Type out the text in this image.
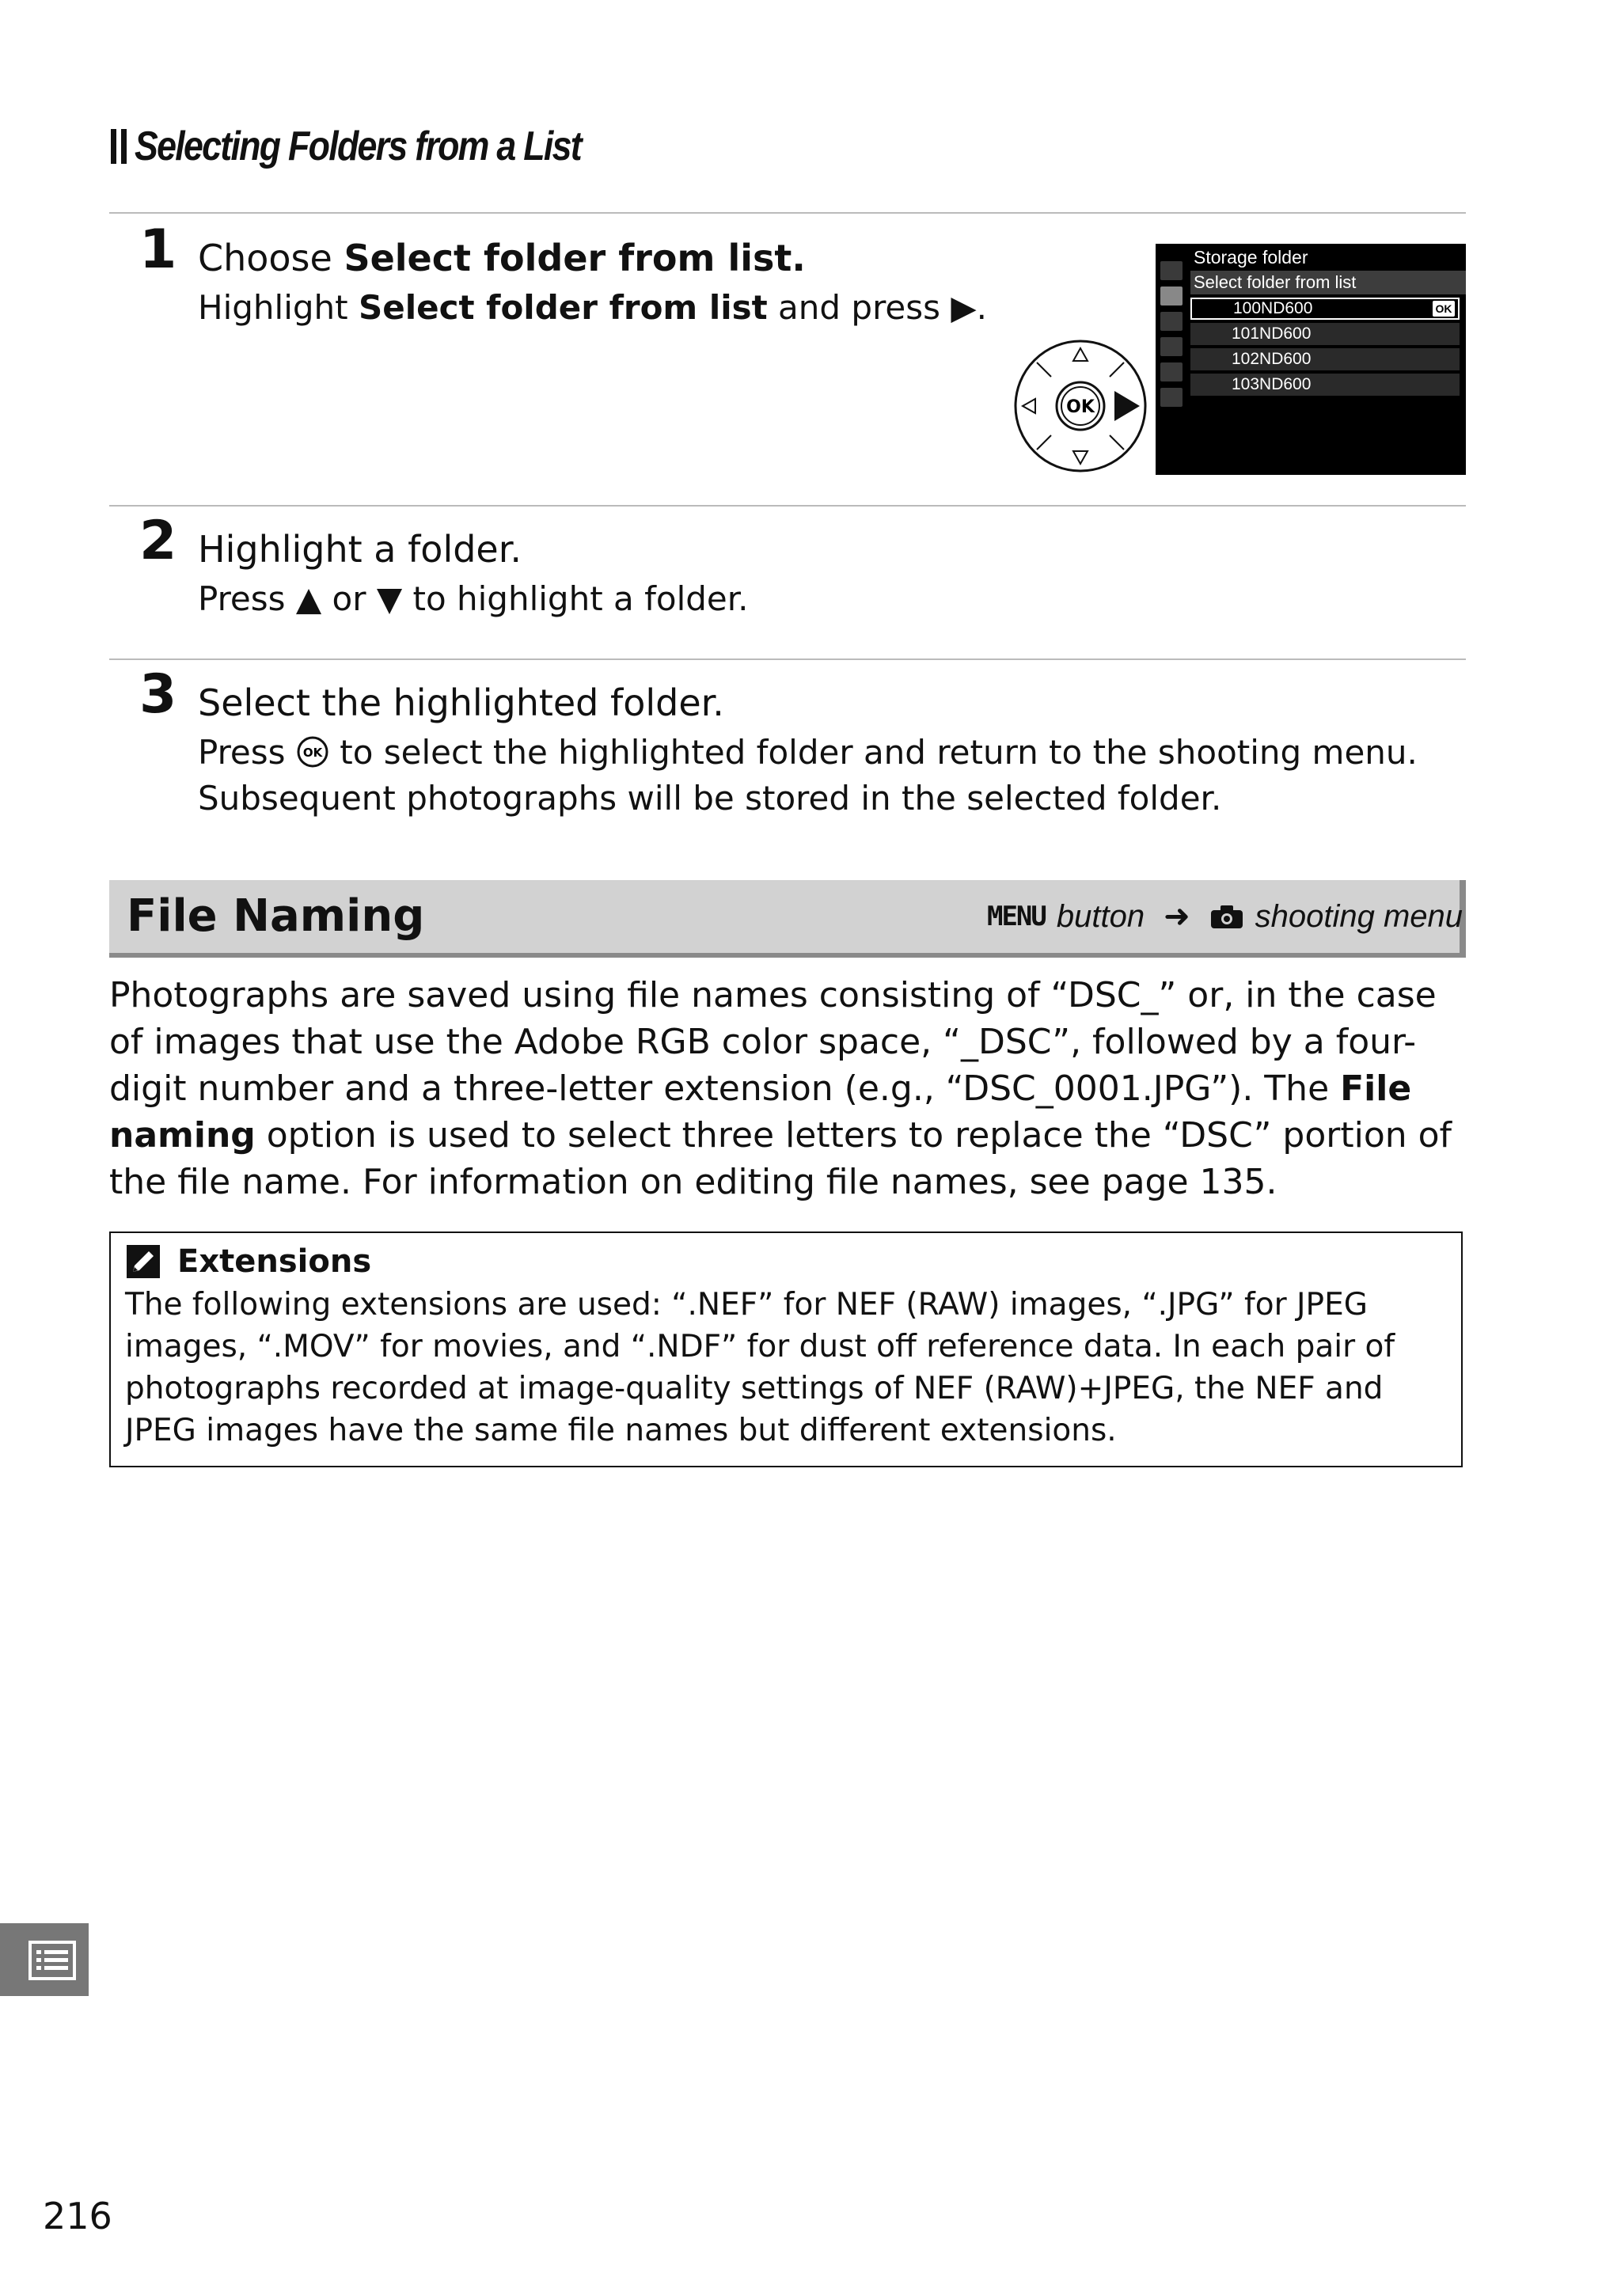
Selecting Folders from a List
1 Choose Select folder from list.
Highlight Select folder from list and press ▶.
OK
Storage folder
Select folder from list
100ND600	OK
101ND600
102ND600
103ND600
2 Highlight a folder.
Press ▲ or ▼ to highlight a folder.
3 Select the highlighted folder.
Press OK to select the highlighted folder and return to the shooting menu.
Subsequent photographs will be stored in the selected folder.
File Naming	MENU button ➜ shooting menu

Photographs are saved using file names consisting of “DSC_” or, in the case of images that use the Adobe RGB color space, “_DSC”, followed by a four-digit number and a three-letter extension (e.g., “DSC_0001.JPG”). The File naming option is used to select three letters to replace the “DSC” portion of the file name. For information on editing file names, see page 135.

Extensions

The following extensions are used: “.NEF” for NEF (RAW) images, “.JPG” for JPEG images, “.MOV” for movies, and “.NDF” for dust off reference data. In each pair of photographs recorded at image-quality settings of NEF (RAW)+JPEG, the NEF and JPEG images have the same file names but different extensions.

216
